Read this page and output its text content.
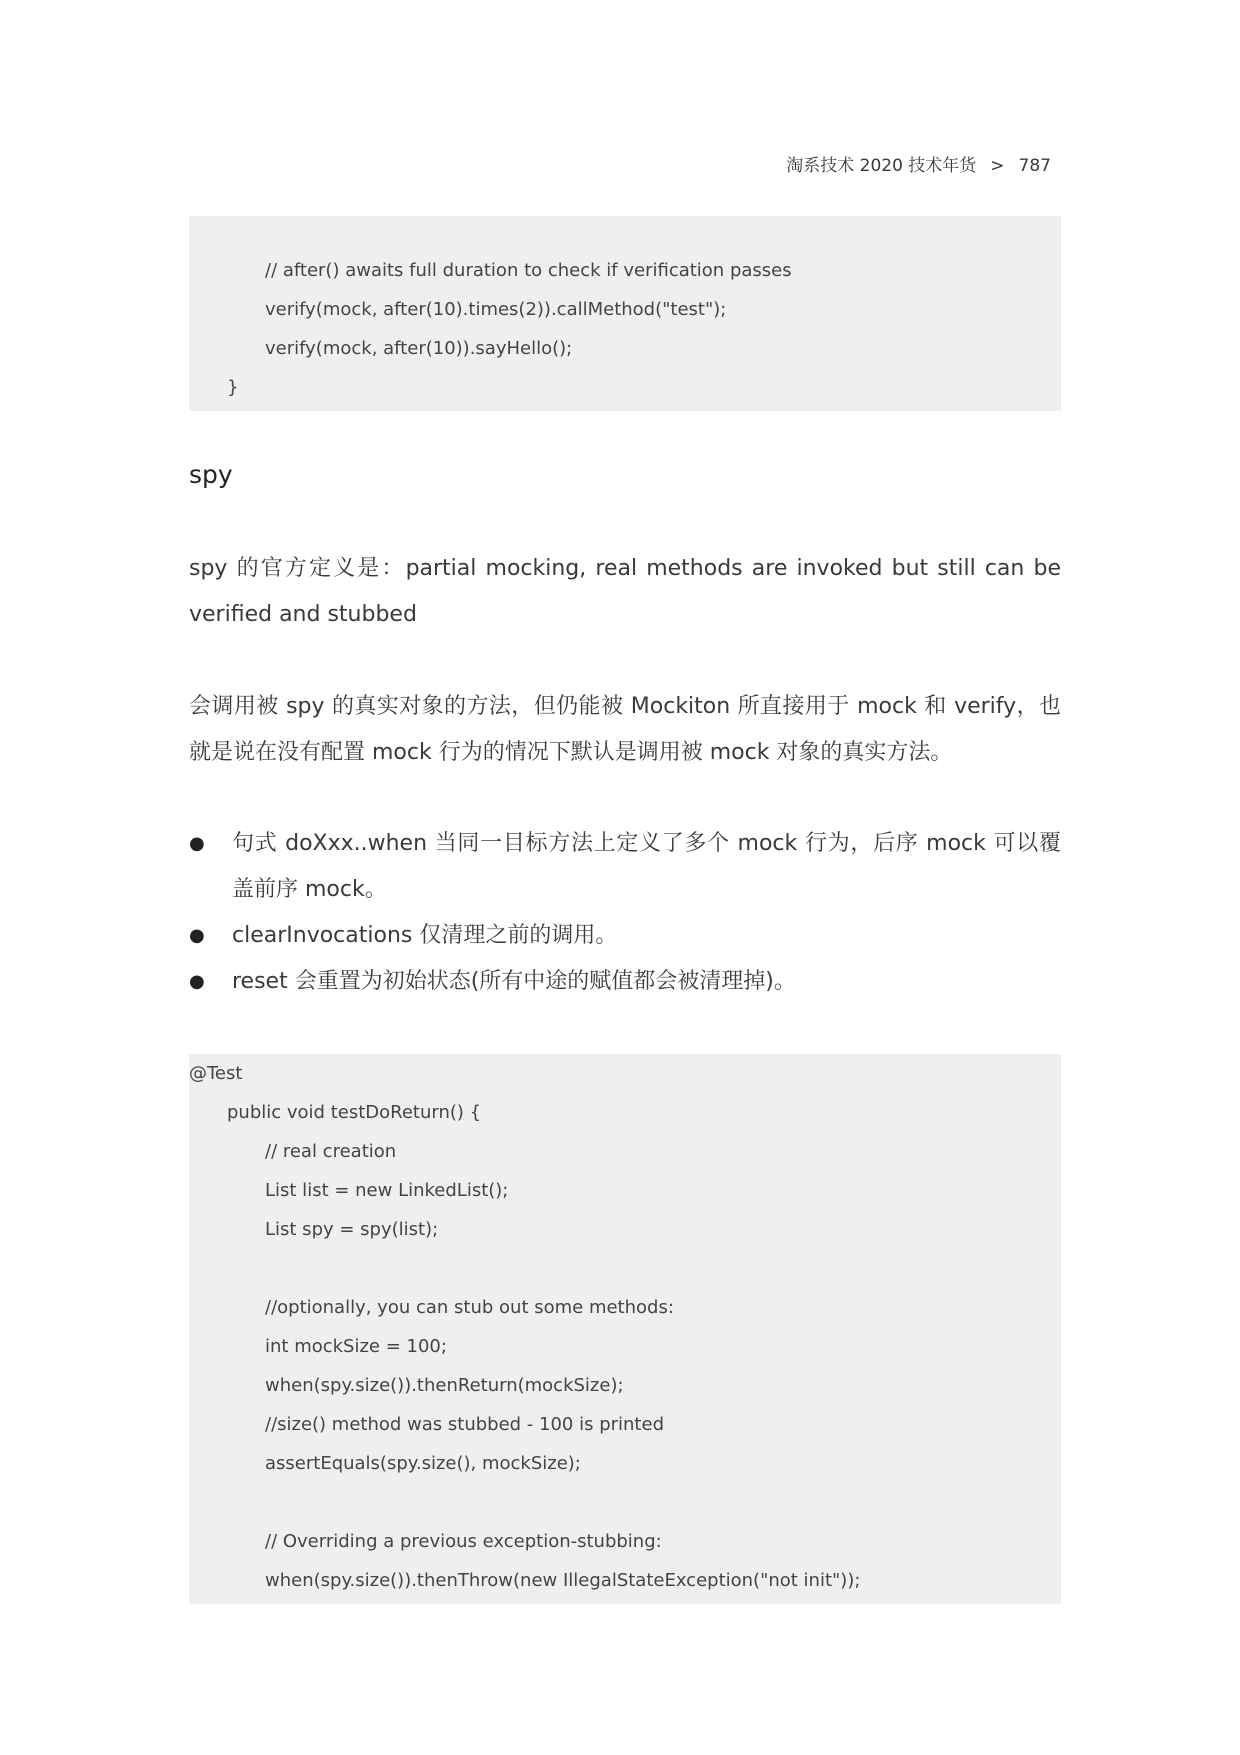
淘系技术 2020 技术年货 > 787
// after() awaits full duration to check if verification passes
verify(mock, after(10).times(2)).callMethod("test");
verify(mock, after(10)).sayHello();
}
spy
spy 的官方定义是：partial mocking, real methods are invoked but still can be verified and stubbed
会调用被 spy 的真实对象的方法，但仍能被 Mockiton 所直接用于 mock 和 verify，也就是说在没有配置 mock 行为的情况下默认是调用被 mock 对象的真实方法。
● 句式 doXxx..when 当同一目标方法上定义了多个 mock 行为，后序 mock 可以覆盖前序 mock。
● clearInvocations 仅清理之前的调用。
● reset 会重置为初始状态(所有中途的赋值都会被清理掉)。
@Test
public void testDoReturn() {
// real creation
List list = new LinkedList();
List spy = spy(list);
//optionally, you can stub out some methods:
int mockSize = 100;
when(spy.size()).thenReturn(mockSize);
//size() method was stubbed - 100 is printed
assertEquals(spy.size(), mockSize);
// Overriding a previous exception-stubbing:
when(spy.size()).thenThrow(new IllegalStateException("not init"));
